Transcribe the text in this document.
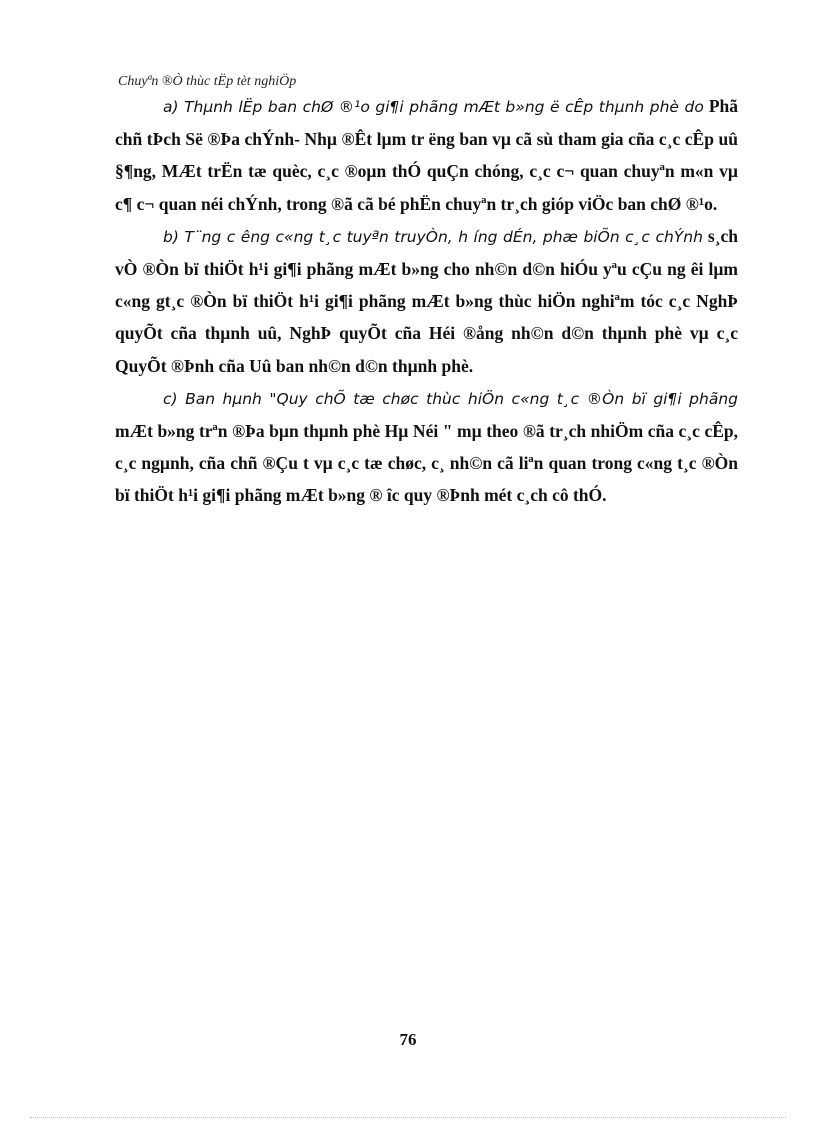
Chuyªn ®Ò thùc tËp tèt nghiÖp

a) Thµnh lËp ban chØ ®¹o gi¶i phãng mÆt b»ng ë cÊp thµnh phè do Phã chñ tÞch Së ®Þa chÝnh- Nhµ ®Êt lµm tr ëng ban vµ cã sù tham gia cña c¸c cÊp uû §¶ng, MÆt trËn tæ quèc, c¸c ®oµn thÓ quÇn chóng, c¸c c¬ quan chuyªn m«n vµ c¶ c¬ quan néi chÝnh, trong ®ã cã bé phËn chuyªn tr¸ch gióp viÖc ban chØ ®¹o.

b) T¨ng c êng c«ng t¸c tuyªn truyÒn, h íng dÉn, phæ biÕn c¸c chÝnh s¸ch vÒ ®Òn bï thiÖt h¹i gi¶i phãng mÆt b»ng cho nh©n d©n hiÓu yªu cÇu ng êi lµm c«ng gt¸c ®Òn bï thiÖt h¹i gi¶i phãng mÆt b»ng thùc hiÖn nghiªm tóc c¸c NghÞ quyÕt cña thµnh uû, NghÞ quyÕt cña Héi ®ång nh©n d©n thµnh phè vµ c¸c QuyÕt ®Þnh cña Uû ban nh©n d©n thµnh phè.

c) Ban hµnh "Quy chÕ tæ chøc thùc hiÖn c«ng t¸c ®Òn bï gi¶i phãng mÆt b»ng trªn ®Þa bµn thµnh phè Hµ Néi " mµ theo ®ã tr¸ch nhiÖm cña c¸c cÊp, c¸c ngµnh, cña chñ ®Çu t vµ c¸c tæ chøc, c¸ nh©n cã liªn quan trong c«ng t¸c ®Òn bï thiÖt h¹i gi¶i phãng mÆt b»ng ® îc quy ®Þnh mét c¸ch cô thÓ.

76
